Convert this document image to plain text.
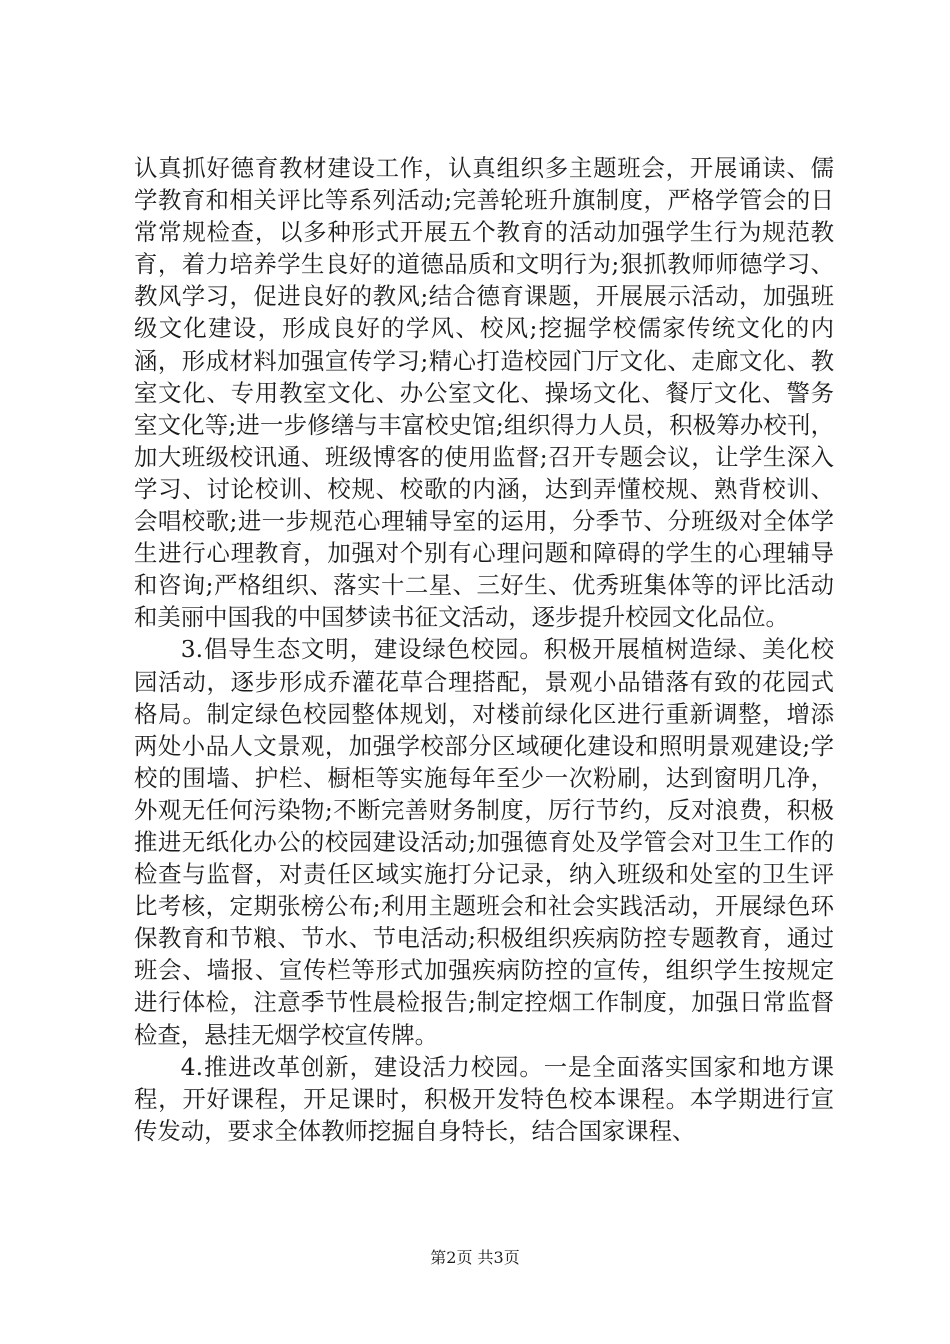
认真抓好德育教材建设工作，认真组织多主题班会，开展诵读、儒学教育和相关评比等系列活动;完善轮班升旗制度，严格学管会的日常常规检查，以多种形式开展五个教育的活动加强学生行为规范教育，着力培养学生良好的道德品质和文明行为;狠抓教师师德学习、教风学习，促进良好的教风;结合德育课题，开展展示活动，加强班级文化建设，形成良好的学风、校风;挖掘学校儒家传统文化的内涵，形成材料加强宣传学习;精心打造校园门厅文化、走廊文化、教室文化、专用教室文化、办公室文化、操场文化、餐厅文化、警务室文化等;进一步修缮与丰富校史馆;组织得力人员，积极筹办校刊，加大班级校讯通、班级博客的使用监督;召开专题会议，让学生深入学习、讨论校训、校规、校歌的内涵，达到弄懂校规、熟背校训、会唱校歌;进一步规范心理辅导室的运用，分季节、分班级对全体学生进行心理教育，加强对个别有心理问题和障碍的学生的心理辅导和咨询;严格组织、落实十二星、三好生、优秀班集体等的评比活动和美丽中国我的中国梦读书征文活动，逐步提升校园文化品位。

3.倡导生态文明，建设绿色校园。积极开展植树造绿、美化校园活动，逐步形成乔灌花草合理搭配，景观小品错落有致的花园式格局。制定绿色校园整体规划，对楼前绿化区进行重新调整，增添两处小品人文景观，加强学校部分区域硬化建设和照明景观建设;学校的围墙、护栏、橱柜等实施每年至少一次粉刷，达到窗明几净，外观无任何污染物;不断完善财务制度，厉行节约，反对浪费，积极推进无纸化办公的校园建设活动;加强德育处及学管会对卫生工作的检查与监督，对责任区域实施打分记录，纳入班级和处室的卫生评比考核，定期张榜公布;利用主题班会和社会实践活动，开展绿色环保教育和节粮、节水、节电活动;积极组织疾病防控专题教育，通过班会、墙报、宣传栏等形式加强疾病防控的宣传，组织学生按规定进行体检，注意季节性晨检报告;制定控烟工作制度，加强日常监督检查，悬挂无烟学校宣传牌。

4.推进改革创新，建设活力校园。一是全面落实国家和地方课程，开好课程，开足课时，积极开发特色校本课程。本学期进行宣传发动，要求全体教师挖掘自身特长，结合国家课程、

第2页 共3页
